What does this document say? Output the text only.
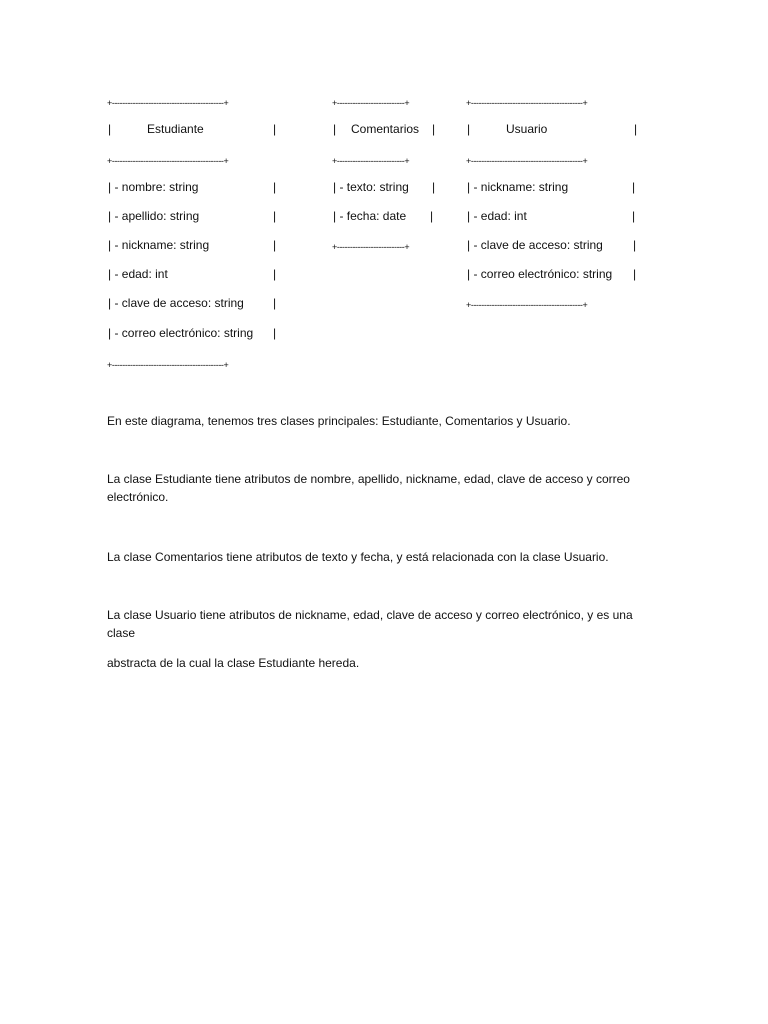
+-------------------------------------------+
|	Estudiante	|
+-------------------------------------------+
| - nombre: string	|
| - apellido: string	|
| - nickname: string	|
| - edad: int	|
| - clave de acceso: string |
| - correo electrónico: string |
+-------------------------------------------+
+--------------------------+
| Comentarios |
+--------------------------+
| - texto: string |
| - fecha: date |
+--------------------------+
+-------------------------------------------+
|	Usuario	|
+-------------------------------------------+
| - nickname: string	|
| - edad: int	|
| - clave de acceso: string	|
| - correo electrónico: string |
+-------------------------------------------+

En este diagrama, tenemos tres clases principales: Estudiante, Comentarios y Usuario.

La clase Estudiante tiene atributos de nombre, apellido, nickname, edad, clave de acceso y correo electrónico.

La clase Comentarios tiene atributos de texto y fecha, y está relacionada con la clase Usuario.

La clase Usuario tiene atributos de nickname, edad, clave de acceso y correo electrónico, y es una clase

abstracta de la cual la clase Estudiante hereda.
